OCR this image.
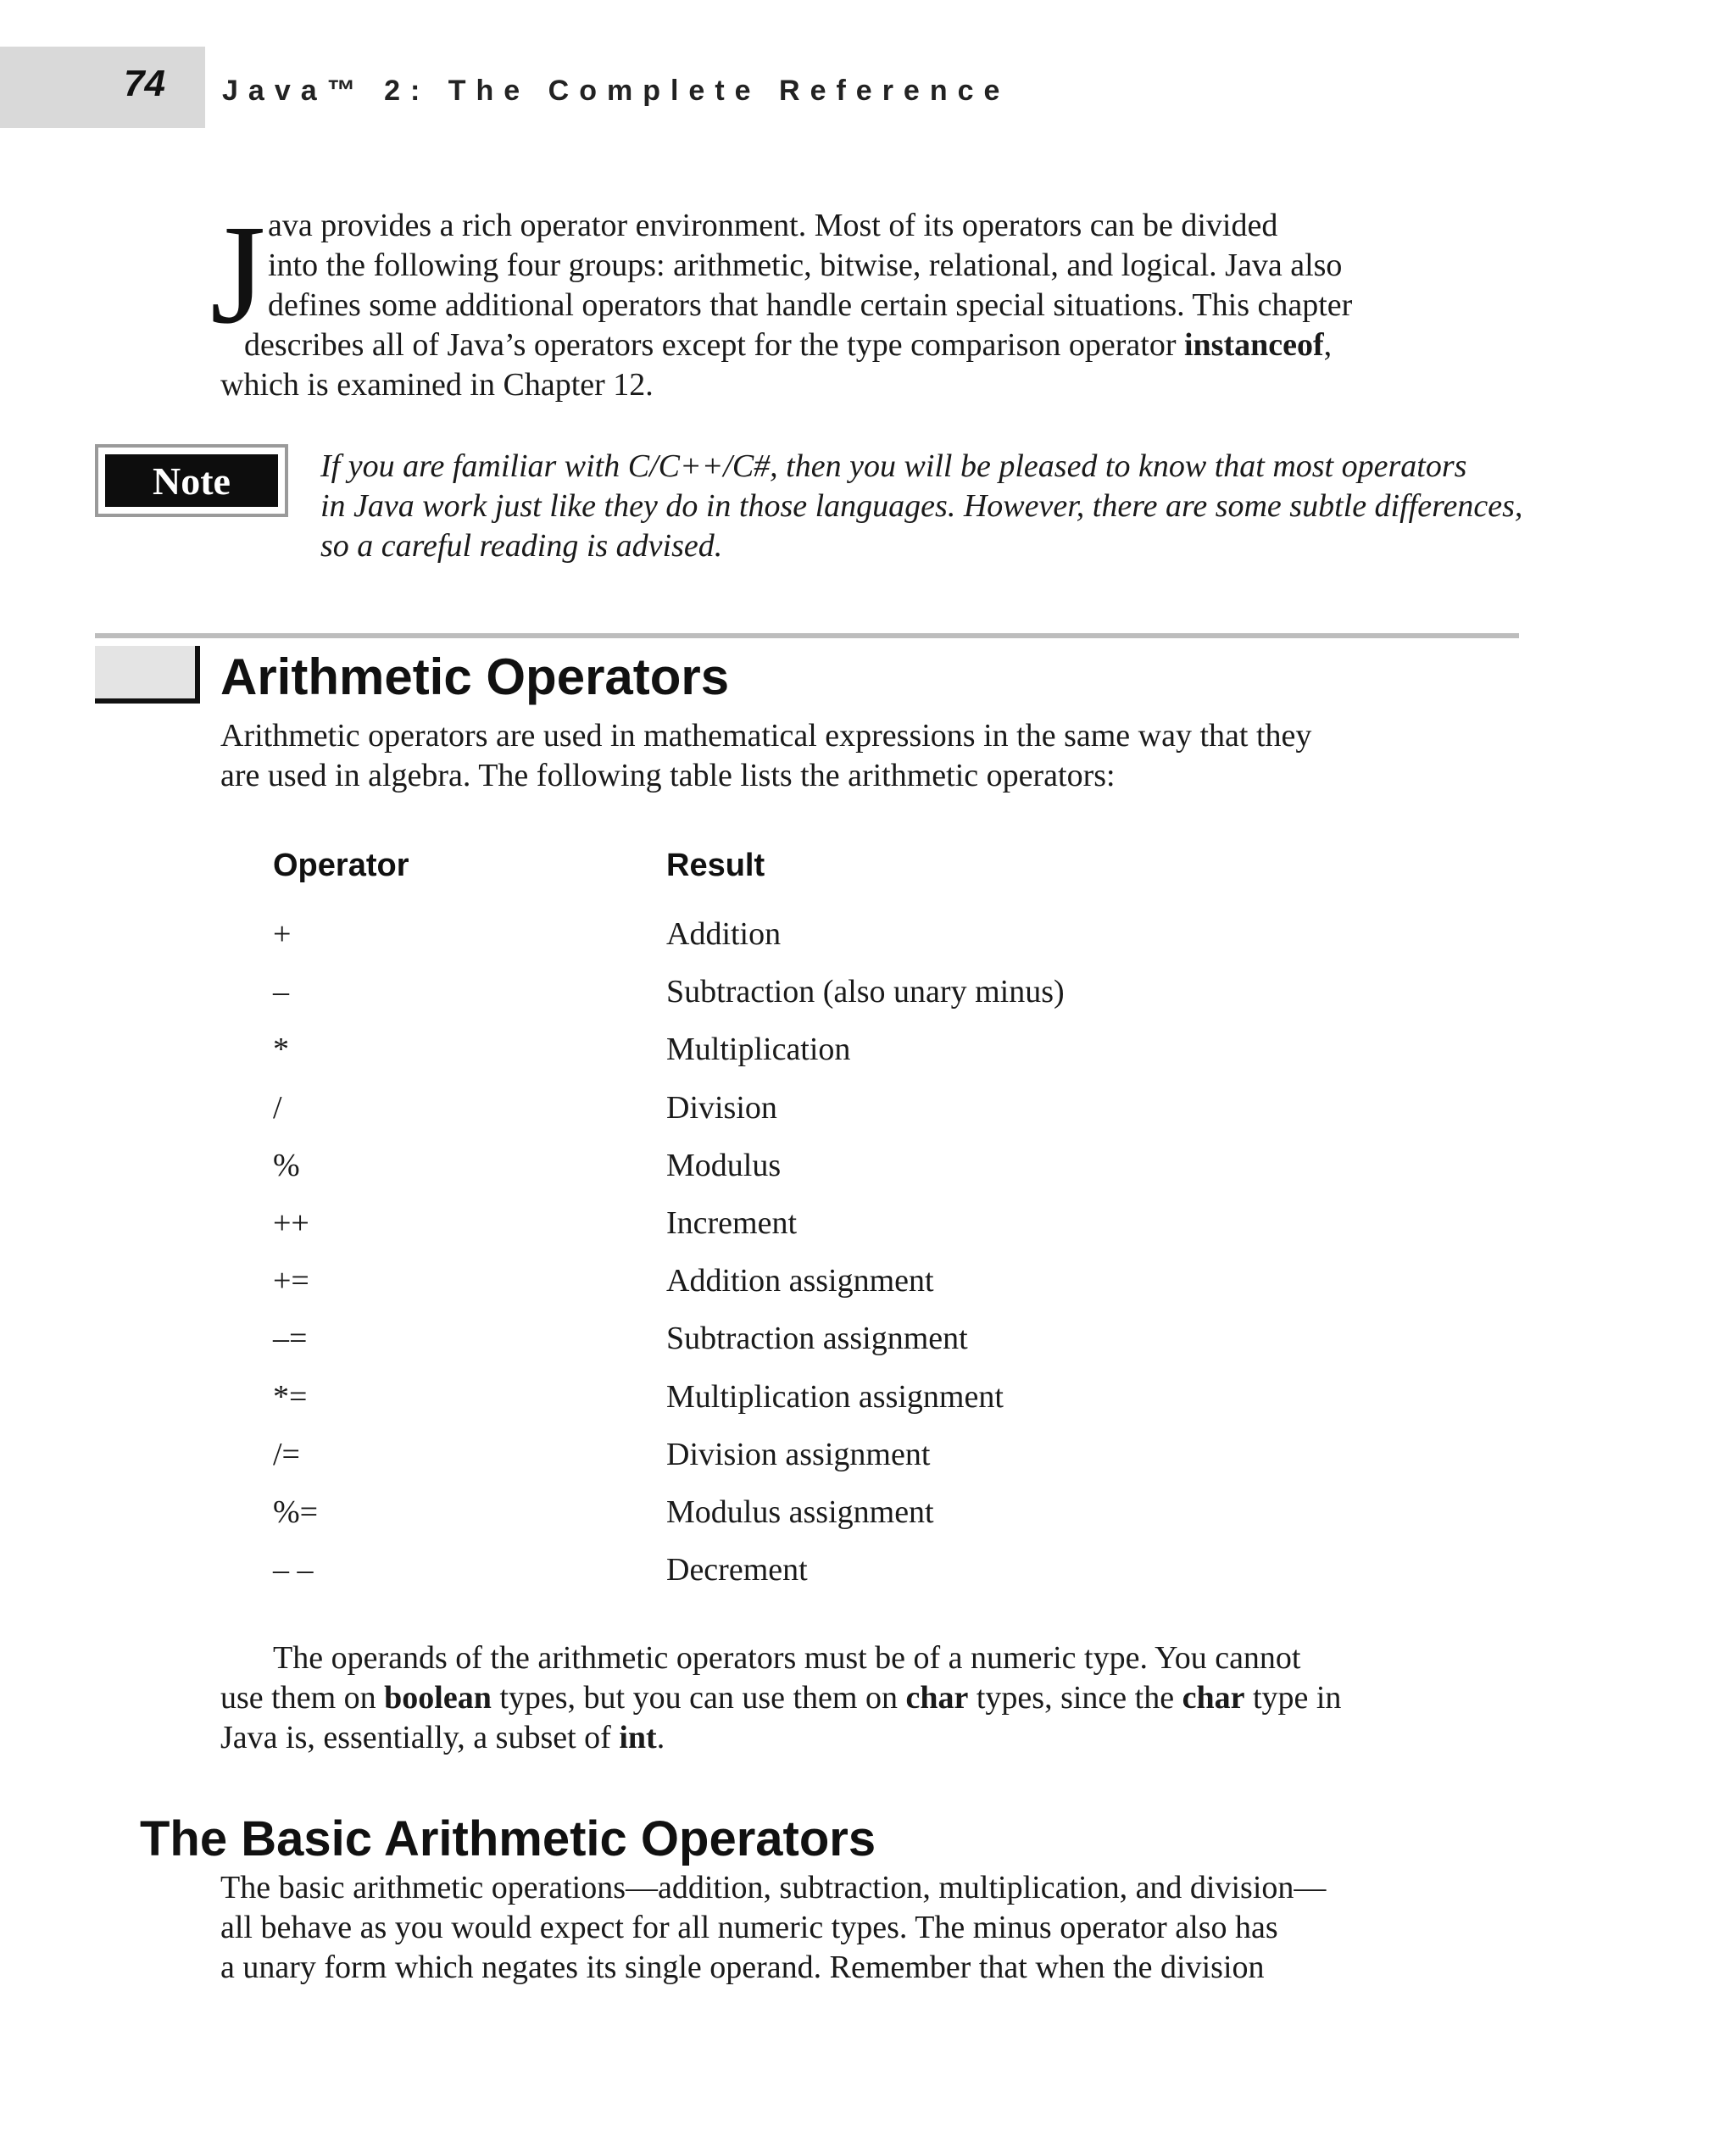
74 Java™ 2: The Complete Reference
J ava provides a rich operator environment. Most of its operators can be divided
into the following four groups: arithmetic, bitwise, relational, and logical. Java also
defines some additional operators that handle certain special situations. This chapter
describes all of Java’s operators except for the type comparison operator instanceof,
which is examined in Chapter 12.
Note	If you are familiar with C/C++/C#, then you will be pleased to know that most operators
in Java work just like they do in those languages. However, there are some subtle differences,
so a careful reading is advised.
Arithmetic Operators
Arithmetic operators are used in mathematical expressions in the same way that they
are used in algebra. The following table lists the arithmetic operators:
Operator	Result
+	Addition
–	Subtraction (also unary minus)
*	Multiplication
/	Division
%	Modulus
++	Increment
+=	Addition assignment
–=	Subtraction assignment
*=	Multiplication assignment
/=	Division assignment
%=	Modulus assignment
– –	Decrement
The operands of the arithmetic operators must be of a numeric type. You cannot
use them on boolean types, but you can use them on char types, since the char type in
Java is, essentially, a subset of int.
The Basic Arithmetic Operators
The basic arithmetic operations—addition, subtraction, multiplication, and division—
all behave as you would expect for all numeric types. The minus operator also has
a unary form which negates its single operand. Remember that when the division
